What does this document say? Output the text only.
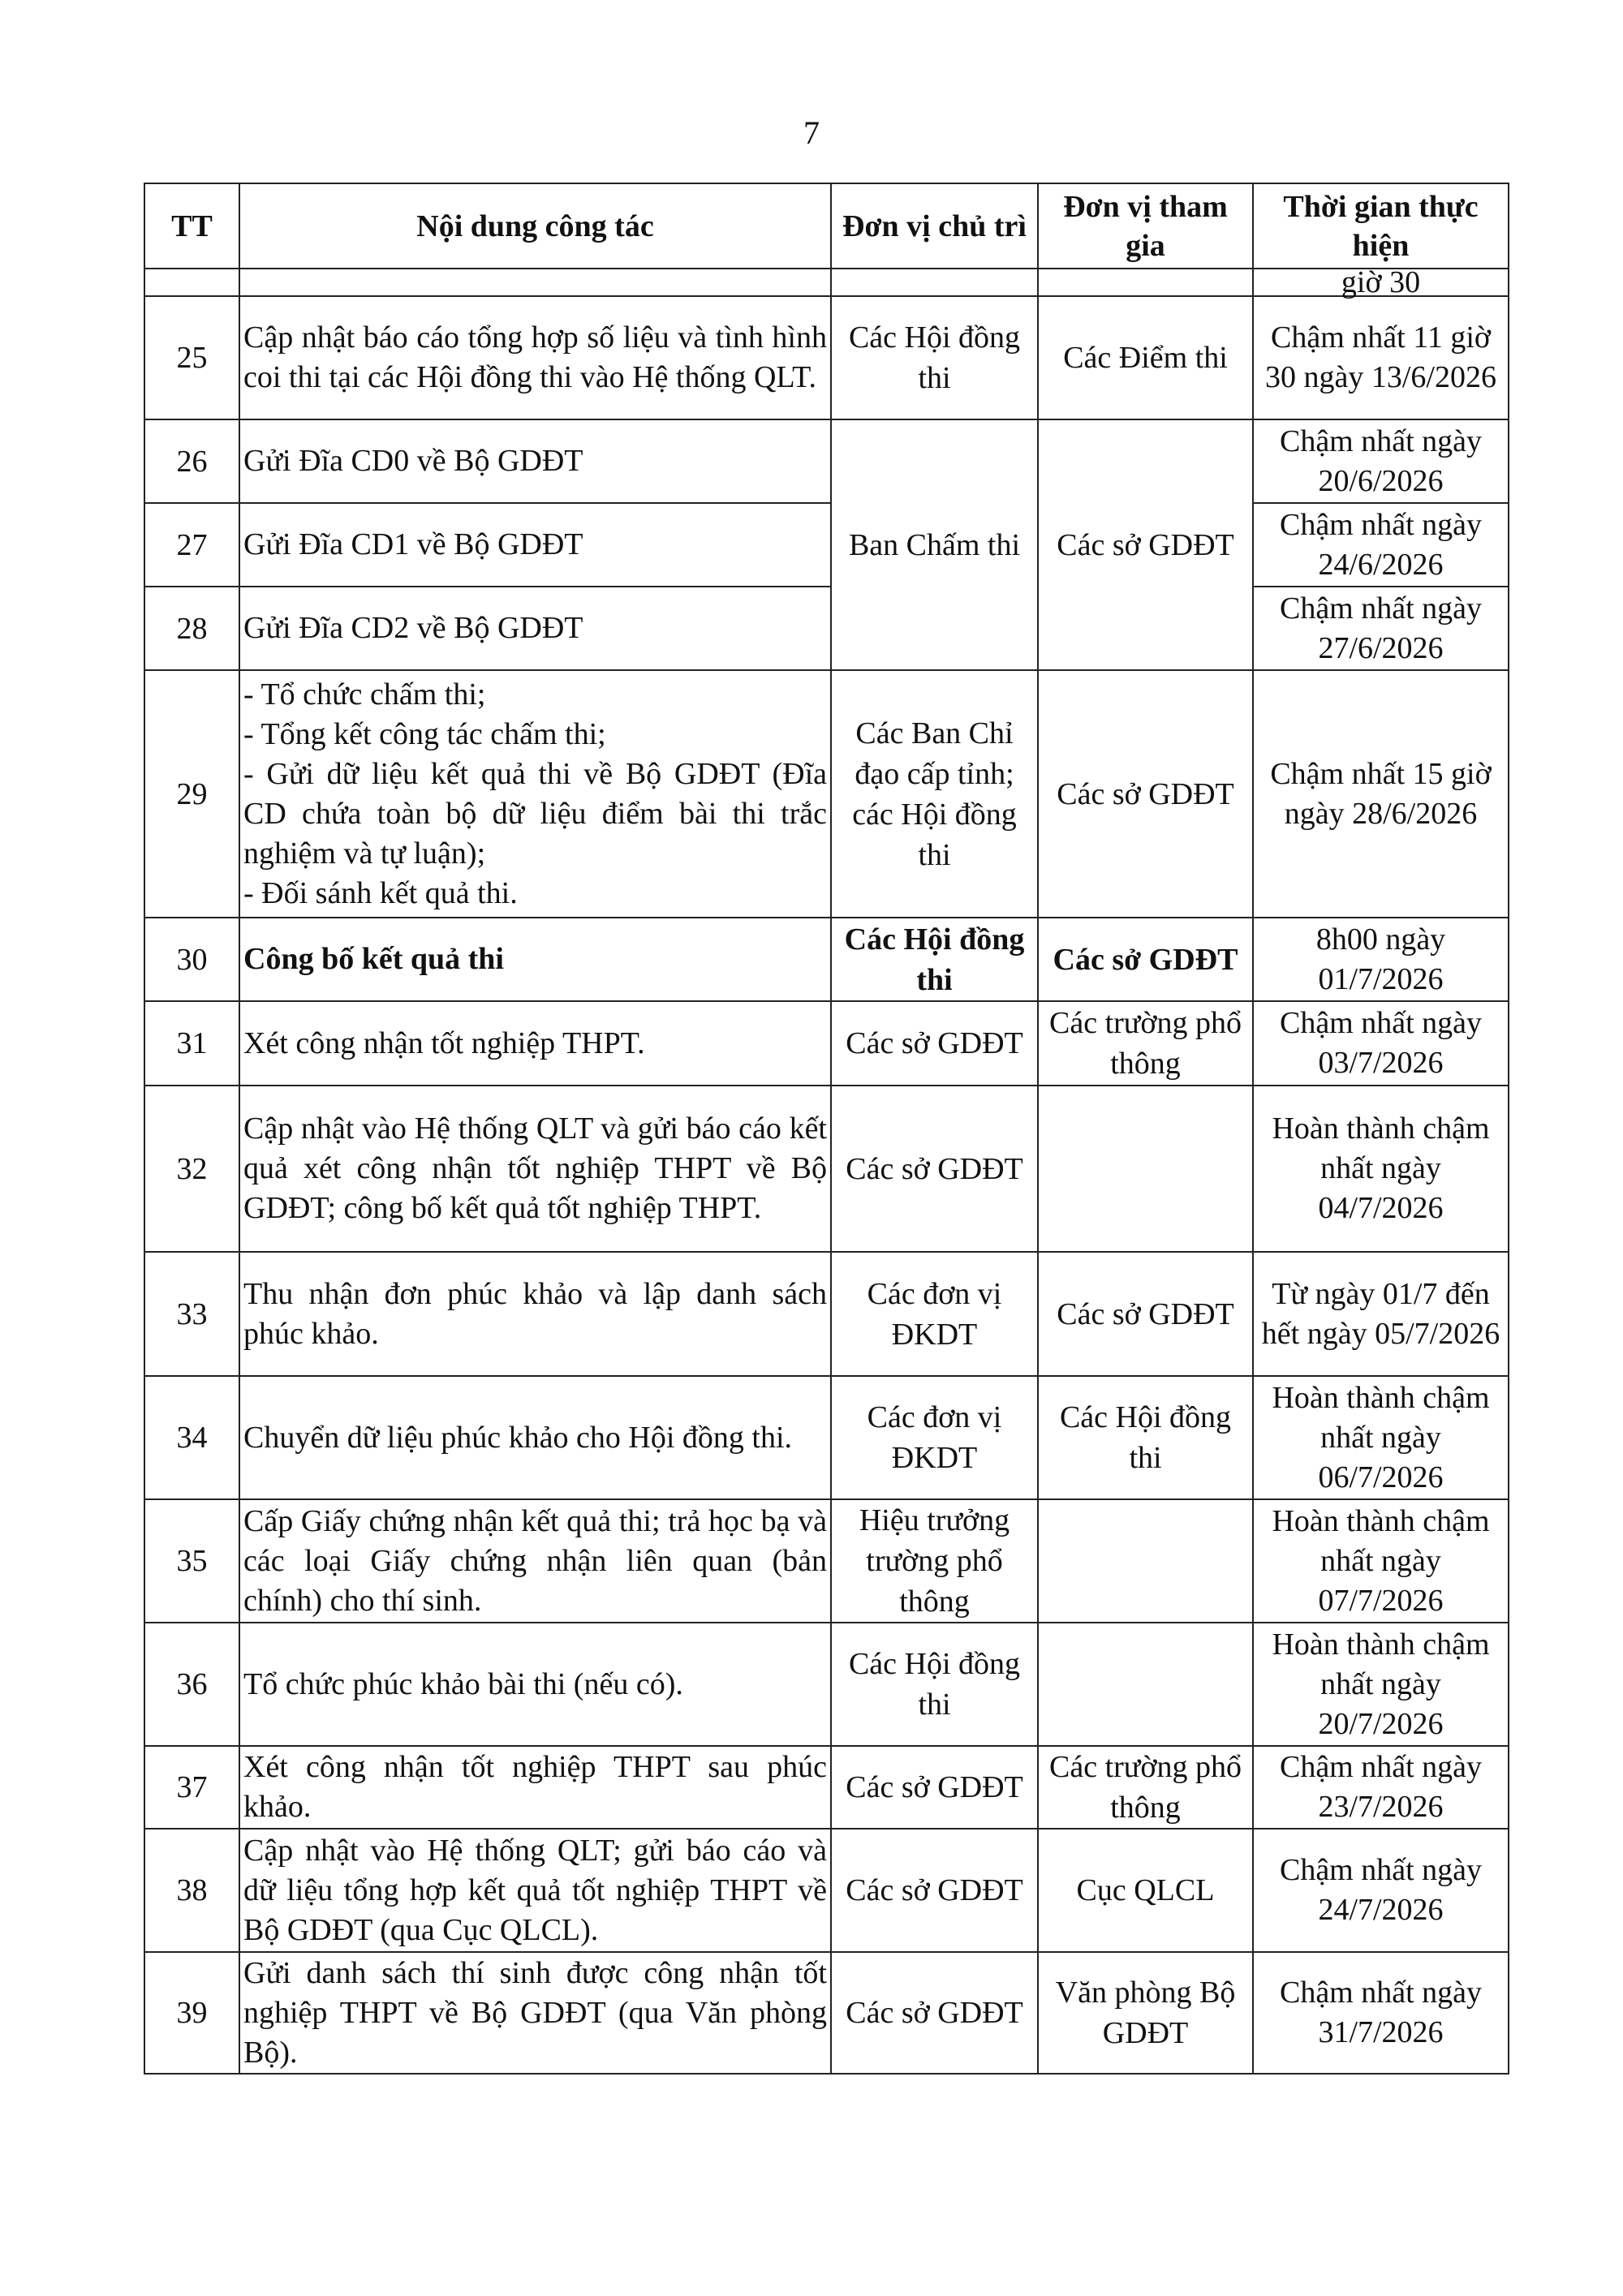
7
TT	Nội dung công tác	Đơn vị chủ trì	Đơn vị tham gia	Thời gian thực hiện
				giờ 30
25	Cập nhật báo cáo tổng hợp số liệu và tình hình coi thi tại các Hội đồng thi vào Hệ thống QLT.	Các Hội đồng thi	Các Điểm thi	Chậm nhất 11 giờ 30 ngày 13/6/2026
26	Gửi Đĩa CD0 về Bộ GDĐT	Ban Chấm thi	Các sở GDĐT	Chậm nhất ngày 20/6/2026
27	Gửi Đĩa CD1 về Bộ GDĐT			Chậm nhất ngày 24/6/2026
28	Gửi Đĩa CD2 về Bộ GDĐT			Chậm nhất ngày 27/6/2026
29	- Tổ chức chấm thi;
- Tổng kết công tác chấm thi;
- Gửi dữ liệu kết quả thi về Bộ GDĐT (Đĩa CD chứa toàn bộ dữ liệu điểm bài thi trắc nghiệm và tự luận);
- Đối sánh kết quả thi.	Các Ban Chỉ đạo cấp tỉnh; các Hội đồng thi	Các sở GDĐT	Chậm nhất 15 giờ ngày 28/6/2026
30	Công bố kết quả thi	Các Hội đồng thi	Các sở GDĐT	8h00 ngày 01/7/2026
31	Xét công nhận tốt nghiệp THPT.	Các sở GDĐT	Các trường phổ thông	Chậm nhất ngày 03/7/2026
32	Cập nhật vào Hệ thống QLT và gửi báo cáo kết quả xét công nhận tốt nghiệp THPT về Bộ GDĐT; công bố kết quả tốt nghiệp THPT.	Các sở GDĐT		Hoàn thành chậm nhất ngày 04/7/2026
33	Thu nhận đơn phúc khảo và lập danh sách phúc khảo.	Các đơn vị ĐKDT	Các sở GDĐT	Từ ngày 01/7 đến hết ngày 05/7/2026
34	Chuyển dữ liệu phúc khảo cho Hội đồng thi.	Các đơn vị ĐKDT	Các Hội đồng thi	Hoàn thành chậm nhất ngày 06/7/2026
35	Cấp Giấy chứng nhận kết quả thi; trả học bạ và các loại Giấy chứng nhận liên quan (bản chính) cho thí sinh.	Hiệu trưởng trường phổ thông		Hoàn thành chậm nhất ngày 07/7/2026
36	Tổ chức phúc khảo bài thi (nếu có).	Các Hội đồng thi		Hoàn thành chậm nhất ngày 20/7/2026
37	Xét công nhận tốt nghiệp THPT sau phúc khảo.	Các sở GDĐT	Các trường phổ thông	Chậm nhất ngày 23/7/2026
38	Cập nhật vào Hệ thống QLT; gửi báo cáo và dữ liệu tổng hợp kết quả tốt nghiệp THPT về Bộ GDĐT (qua Cục QLCL).	Các sở GDĐT	Cục QLCL	Chậm nhất ngày 24/7/2026
39	Gửi danh sách thí sinh được công nhận tốt nghiệp THPT về Bộ GDĐT (qua Văn phòng Bộ).	Các sở GDĐT	Văn phòng Bộ GDĐT	Chậm nhất ngày 31/7/2026
